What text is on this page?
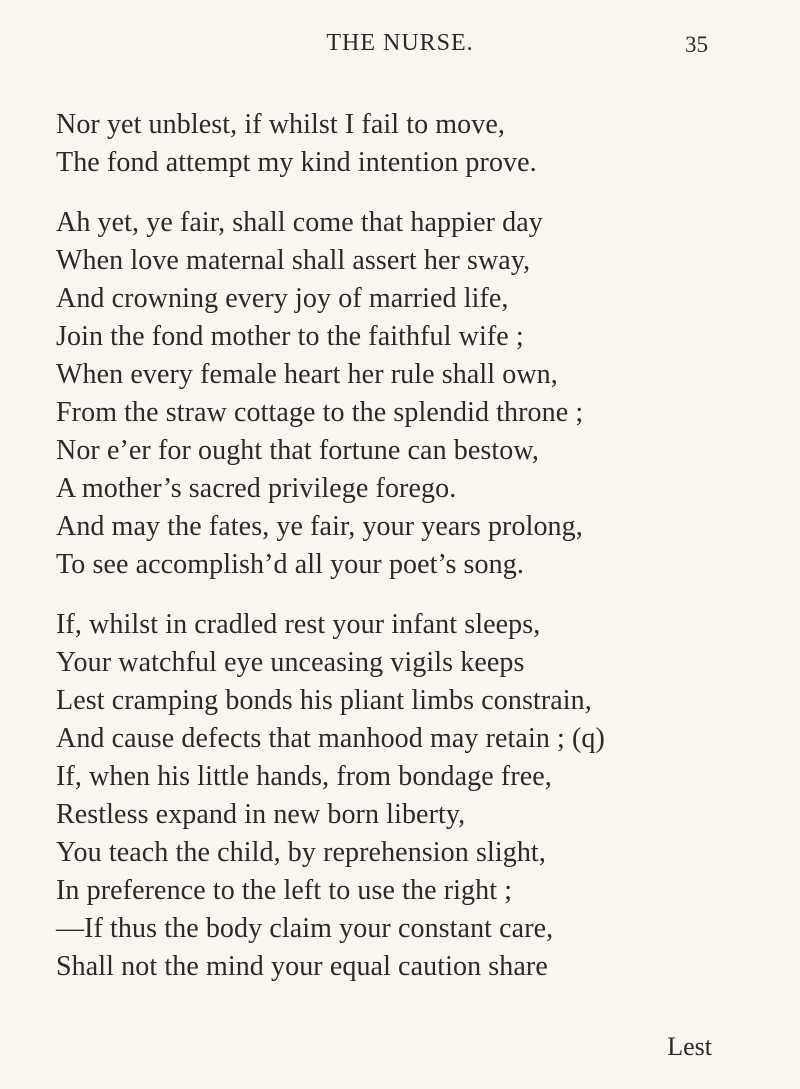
THE NURSE.	35
Nor yet unblest, if whilst I fail to move,
The fond attempt my kind intention prove.
Ah yet, ye fair, shall come that happier day
When love maternal shall assert her sway,
And crowning every joy of married life,
Join the fond mother to the faithful wife ;
When every female heart her rule shall own,
From the straw cottage to the splendid throne ;
Nor e’er for ought that fortune can bestow,
A mother’s sacred privilege forego.
And may the fates, ye fair, your years prolong,
To see accomplish’d all your poet’s song.
If, whilst in cradled rest your infant sleeps,
Your watchful eye unceasing vigils keeps
Lest cramping bonds his pliant limbs constrain,
And cause defects that manhood may retain ; (q)
If, when his little hands, from bondage free,
Restless expand in new born liberty,
You teach the child, by reprehension slight,
In preference to the left to use the right ;
—If thus the body claim your constant care,
Shall not the mind your equal caution share
Lest
